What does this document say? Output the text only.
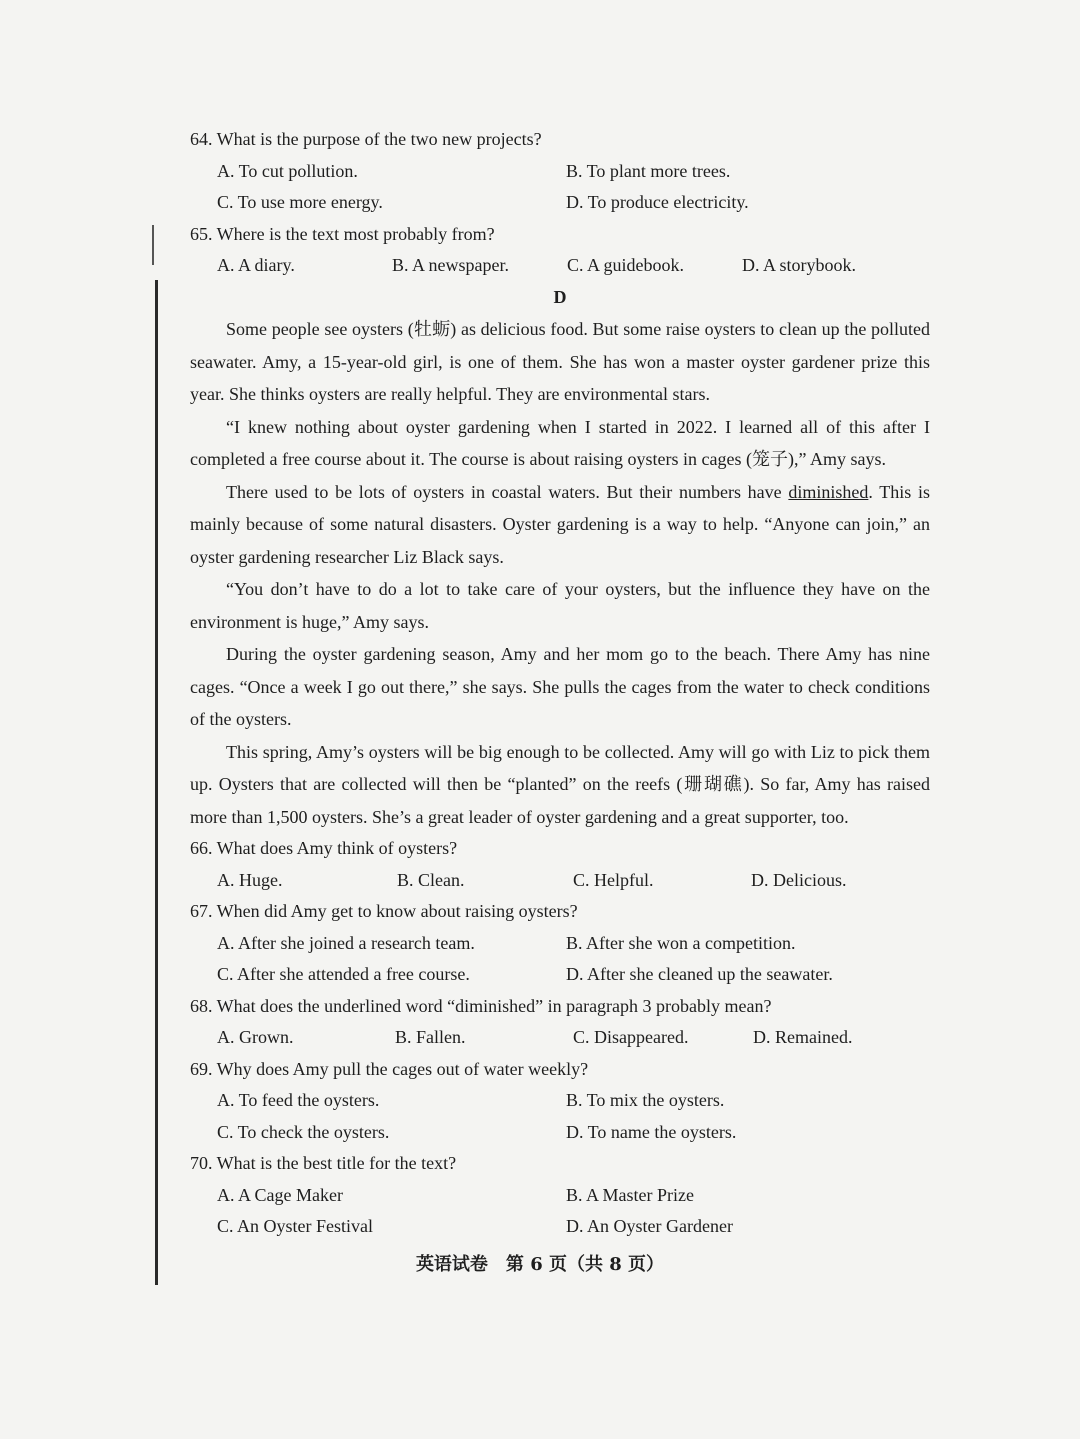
64. What is the purpose of the two new projects?
A. To cut pollution.	B. To plant more trees.
C. To use more energy.	D. To produce electricity.
65. Where is the text most probably from?
A. A diary.	B. A newspaper.	C. A guidebook.	D. A storybook.
D

Some people see oysters (牡蛎) as delicious food. But some raise oysters to clean up the polluted seawater. Amy, a 15-year-old girl, is one of them. She has won a master oyster gardener prize this year. She thinks oysters are really helpful. They are environmental stars.

“I knew nothing about oyster gardening when I started in 2022. I learned all of this after I completed a free course about it. The course is about raising oysters in cages (笼子),” Amy says.

There used to be lots of oysters in coastal waters. But their numbers have diminished. This is mainly because of some natural disasters. Oyster gardening is a way to help. “Anyone can join,” an oyster gardening researcher Liz Black says.

“You don’t have to do a lot to take care of your oysters, but the influence they have on the environment is huge,” Amy says.

During the oyster gardening season, Amy and her mom go to the beach. There Amy has nine cages. “Once a week I go out there,” she says. She pulls the cages from the water to check conditions of the oysters.

This spring, Amy’s oysters will be big enough to be collected. Amy will go with Liz to pick them up. Oysters that are collected will then be “planted” on the reefs (珊瑚礁). So far, Amy has raised more than 1,500 oysters. She’s a great leader of oyster gardening and a great supporter, too.

66. What does Amy think of oysters?
A. Huge.	B. Clean.	C. Helpful.	D. Delicious.
67. When did Amy get to know about raising oysters?
A. After she joined a research team.	B. After she won a competition.
C. After she attended a free course.	D. After she cleaned up the seawater.
68. What does the underlined word “diminished” in paragraph 3 probably mean?
A. Grown.	B. Fallen.	C. Disappeared.	D. Remained.
69. Why does Amy pull the cages out of water weekly?
A. To feed the oysters.	B. To mix the oysters.
C. To check the oysters.	D. To name the oysters.
70. What is the best title for the text?
A. A Cage Maker	B. A Master Prize
C. An Oyster Festival	D. An Oyster Gardener
英语试卷　第 6 页（共 8 页）
